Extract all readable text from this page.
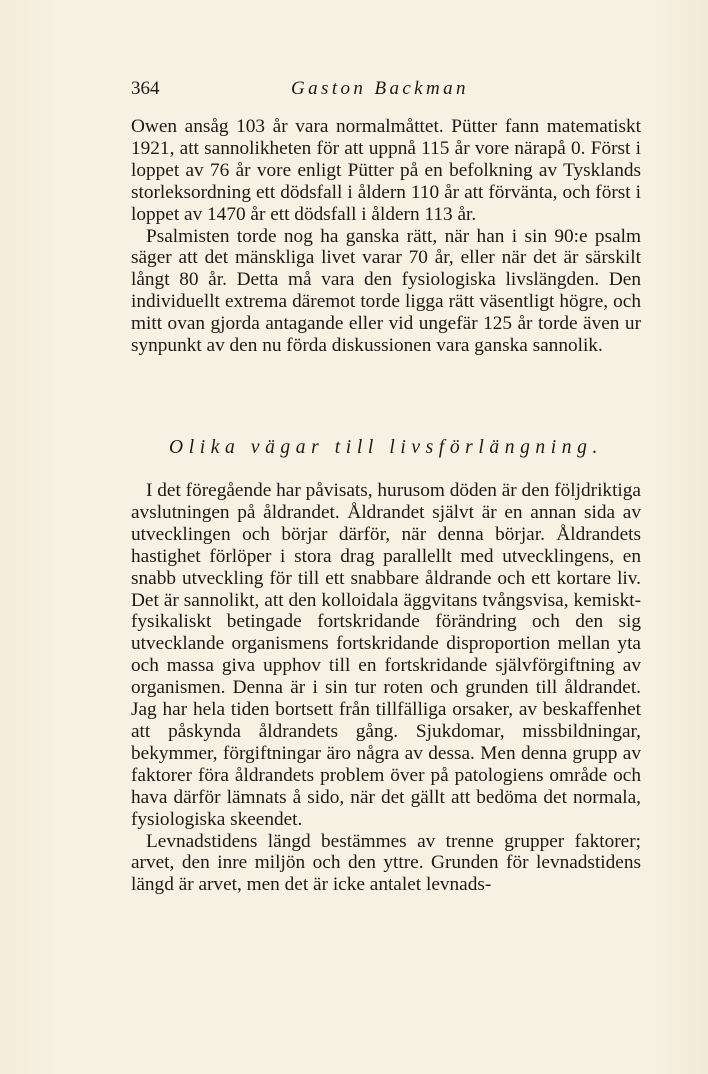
364	Gaston Backman

Owen ansåg 103 år vara normalmåttet. Pütter fann matematiskt 1921, att sannolikheten för att uppnå 115 år vore närapå 0. Först i loppet av 76 år vore enligt Pütter på en befolkning av Tysklands storleksordning ett dödsfall i åldern 110 år att förvänta, och först i loppet av 1470 år ett dödsfall i åldern 113 år.

Psalmisten torde nog ha ganska rätt, när han i sin 90:e psalm säger att det mänskliga livet varar 70 år, eller när det är särskilt långt 80 år. Detta må vara den fysiologiska livslängden. Den individuellt extrema däremot torde ligga rätt väsentligt högre, och mitt ovan gjorda antagande eller vid ungefär 125 år torde även ur synpunkt av den nu förda diskussionen vara ganska sannolik.

Olika vägar till livsförlängning.

I det föregående har påvisats, hurusom döden är den följdriktiga avslutningen på åldrandet. Åldrandet självt är en annan sida av utvecklingen och börjar därför, när denna börjar. Åldrandets hastighet förlöper i stora drag parallellt med utvecklingens, en snabb utveckling för till ett snabbare åldrande och ett kortare liv. Det är sannolikt, att den kolloidala äggvitans tvångsvisa, kemiskt-fysikaliskt betingade fortskridande förändring och den sig utvecklande organismens fortskridande disproportion mellan yta och massa giva upphov till en fortskridande självförgiftning av organismen. Denna är i sin tur roten och grunden till åldrandet. Jag har hela tiden bortsett från tillfälliga orsaker, av beskaffenhet att påskynda åldrandets gång. Sjukdomar, missbildningar, bekymmer, förgiftningar äro några av dessa. Men denna grupp av faktorer föra åldrandets problem över på patologiens område och hava därför lämnats å sido, när det gällt att bedöma det normala, fysiologiska skeendet.

Levnadstidens längd bestämmes av trenne grupper faktorer; arvet, den inre miljön och den yttre. Grunden för levnadstidens längd är arvet, men det är icke antalet levnads-
